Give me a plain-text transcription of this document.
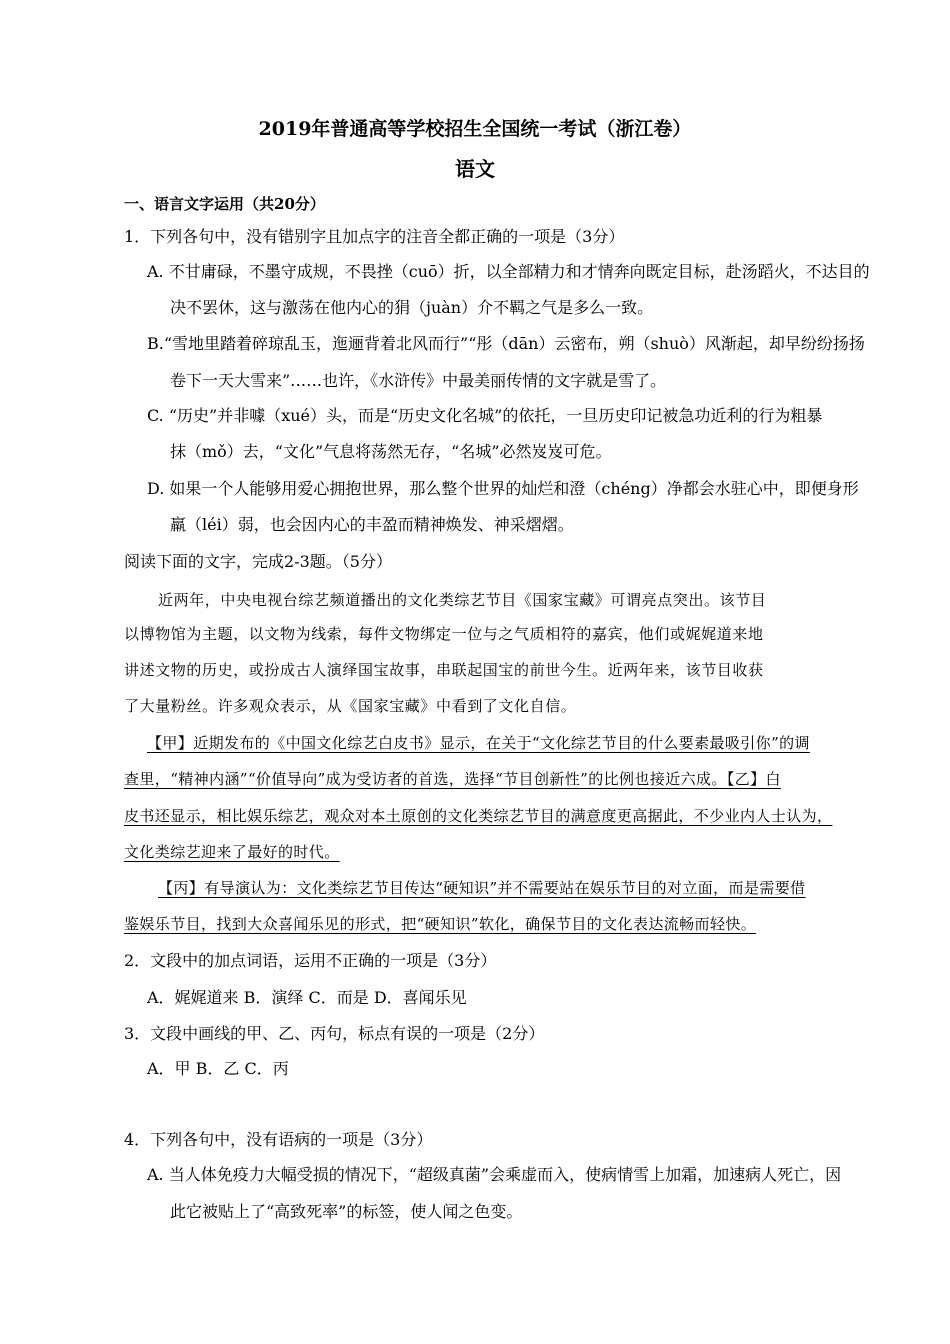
2019年普通高等学校招生全国统一考试（浙江卷）
语文
一、语言文字运用（共20分）
1．下列各句中，没有错别字且加点字的注音全都正确的一项是（3分）
A. 不甘庸碌，不墨守成规，不畏挫（cuō）折，以全部精力和才情奔向既定目标，赴汤蹈火，不达目的
决不罢休，这与激荡在他内心的狷（juàn）介不羁之气是多么一致。
B.“雪地里踏着碎琼乱玉，迤逦背着北风而行”“彤（dān）云密布，朔（shuò）风渐起，却早纷纷扬扬
卷下一天大雪来”……也许，《水浒传》中最美丽传情的文字就是雪了。
C. “历史”并非噱（xué）头，而是“历史文化名城”的依托，一旦历史印记被急功近利的行为粗暴
抹（mǒ）去，“文化”气息将荡然无存，“名城”必然岌岌可危。
D. 如果一个人能够用爱心拥抱世界，那么整个世界的灿烂和澄（chéng）净都会水驻心中，即便身形
羸（léi）弱，也会因内心的丰盈而精神焕发、神采熠熠。
阅读下面的文字，完成2-3题。（5分）
近两年，中央电视台综艺频道播出的文化类综艺节目《国家宝藏》可谓亮点突出。该节目
以博物馆为主题，以文物为线索，每件文物绑定一位与之气质相符的嘉宾，他们或娓娓道来地
讲述文物的历史，或扮成古人演绎国宝故事，串联起国宝的前世今生。近两年来，该节目收获
了大量粉丝。许多观众表示，从《国家宝藏》中看到了文化自信。
【甲】近期发布的《中国文化综艺白皮书》显示，在关于“文化综艺节目的什么要素最吸引你”的调
查里，“精神内涵”“价值导向”成为受访者的首选，选择“节目创新性”的比例也接近六成。【乙】白
皮书还显示，相比娱乐综艺，观众对本土原创的文化类综艺节目的满意度更高据此，不少业内人士认为，
文化类综艺迎来了最好的时代。
【丙】有导演认为：文化类综艺节目传达“硬知识”并不需要站在娱乐节目的对立面，而是需要借
鉴娱乐节目，找到大众喜闻乐见的形式，把“硬知识”软化，确保节目的文化表达流畅而轻快。
2．文段中的加点词语，运用不正确的一项是（3分）
A．娓娓道来 B．演绎 C．而是 D．喜闻乐见
3．文段中画线的甲、乙、丙句，标点有误的一项是（2分）
A．甲 B．乙 C．丙
4．下列各句中，没有语病的一项是（3分）
A. 当人体免疫力大幅受损的情况下，“超级真菌”会乘虚而入，使病情雪上加霜，加速病人死亡，因
此它被贴上了“高致死率”的标签，使人闻之色变。
